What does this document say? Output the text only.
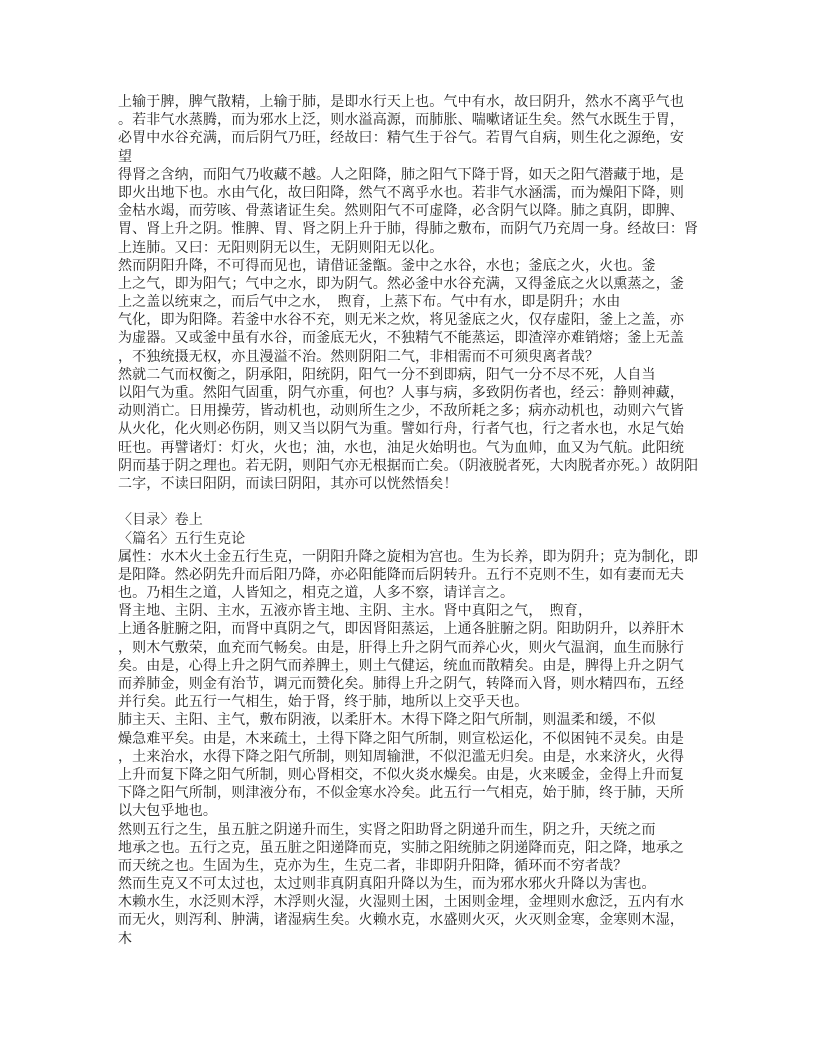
上输于脾，脾气散精，上输于肺，是即水行天上也。气中有水，故曰阴升，然水不离乎气也
。若非气水蒸腾，而为邪水上泛，则水溢高源，而肺胀、喘嗽诸证生矣。然气水既生于胃，
必胃中水谷充满，而后阴气乃旺，经故曰：精气生于谷气。若胃气自病，则生化之源绝，安
望
得肾之含纳，而阳气乃收藏不越。人之阳降，肺之阳气下降于肾，如天之阳气潜藏于地，是
即火出地下也。水由气化，故曰阳降，然气不离乎水也。若非气水涵濡，而为燥阳下降，则
金枯水竭，而劳咳、骨蒸诸证生矣。然则阳气不可虚降，必含阴气以降。肺之真阴，即脾、
胃、肾上升之阴。惟脾、胃、肾之阴上升于肺，得肺之敷布，而阴气乃充周一身。经故曰：肾
上连肺。又曰：无阳则阴无以生，无阴则阳无以化。
然而阴阳升降，不可得而见也，请借证釜甑。釜中之水谷，水也；釜底之火，火也。釜
上之气，即为阳气；气中之水，即为阴气。然必釜中水谷充满，又得釜底之火以熏蒸之，釜
上之盖以统束之，而后气中之水，　煦育，上蒸下布。气中有水，即是阴升；水由
气化，即为阳降。若釜中水谷不充，则无米之炊，将见釜底之火，仅存虚阳，釜上之盖，亦
为虚器。又或釜中虽有水谷，而釜底无火，不独精气不能蒸运，即渣滓亦难销熔；釜上无盖
，不独统摄无权，亦且漫溢不治。然则阴阳二气，非相需而不可须臾离者哉？
然就二气而权衡之，阴承阳，阳统阴，阳气一分不到即病，阳气一分不尽不死，人自当
以阳气为重。然阳气固重，阴气亦重，何也？人事与病，多致阴伤者也，经云：静则神藏，
动则消亡。日用操劳，皆动机也，动则所生之少，不敌所耗之多；病亦动机也，动则六气皆
从火化，化火则必伤阴，则又当以阴气为重。譬如行舟，行者气也，行之者水也，水足气始
旺也。再譬诸灯：灯火，火也；油，水也，油足火始明也。气为血帅，血又为气航。此阳统
阴而基于阴之理也。若无阴，则阳气亦无根据而亡矣。（阴液脱者死，大肉脱者亦死。）故阴阳
二字，不读曰阳阴，而读曰阴阳，其亦可以恍然悟矣！
〈目录〉卷上
〈篇名〉五行生克论
属性：水木火土金五行生克，一阴阳升降之旋相为宫也。生为长养，即为阴升；克为制化，即
是阳降。然必阴先升而后阳乃降，亦必阳能降而后阴转升。五行不克则不生，如有妻而无夫
也。乃相生之道，人皆知之，相克之道，人多不察，请详言之。
肾主地、主阴、主水，五液亦皆主地、主阴、主水。肾中真阳之气，　煦育，
上通各脏腑之阳，而肾中真阴之气，即因肾阳蒸运，上通各脏腑之阴。阳助阴升，以养肝木
，则木气敷荣，血充而气畅矣。由是，肝得上升之阴气而养心火，则火气温润，血生而脉行
矣。由是，心得上升之阴气而养脾土，则土气健运，统血而散精矣。由是，脾得上升之阴气
而养肺金，则金有治节，调元而赞化矣。肺得上升之阴气，转降而入肾，则水精四布，五经
并行矣。此五行一气相生，始于肾，终于肺，地所以上交乎天也。
肺主天、主阳、主气，敷布阴液，以柔肝木。木得下降之阳气所制，则温柔和缓，不似
燥急难平矣。由是，木来疏土，土得下降之阳气所制，则宣松运化，不似困钝不灵矣。由是
，土来治水，水得下降之阳气所制，则知周输泄，不似氾滥无归矣。由是，水来济火，火得
上升而复下降之阳气所制，则心肾相交，不似火炎水燥矣。由是，火来暖金，金得上升而复
下降之阳气所制，则津液分布，不似金寒水冷矣。此五行一气相克，始于肺，终于肺，天所
以大包乎地也。
然则五行之生，虽五脏之阴递升而生，实肾之阳助肾之阴递升而生，阴之升，天统之而
地承之也。五行之克，虽五脏之阳递降而克，实肺之阳统肺之阴递降而克，阳之降，地承之
而天统之也。生固为生，克亦为生，生克二者，非即阴升阳降，循环而不穷者哉？
然而生克又不可太过也，太过则非真阴真阳升降以为生，而为邪水邪火升降以为害也。
木赖水生，水泛则木浮，木浮则火湿，火湿则土困，土困则金埋，金埋则水愈泛，五内有水
而无火，则泻利、肿满，诸湿病生矣。火赖水克，水盛则火灭，火灭则金寒，金寒则木湿，
木
